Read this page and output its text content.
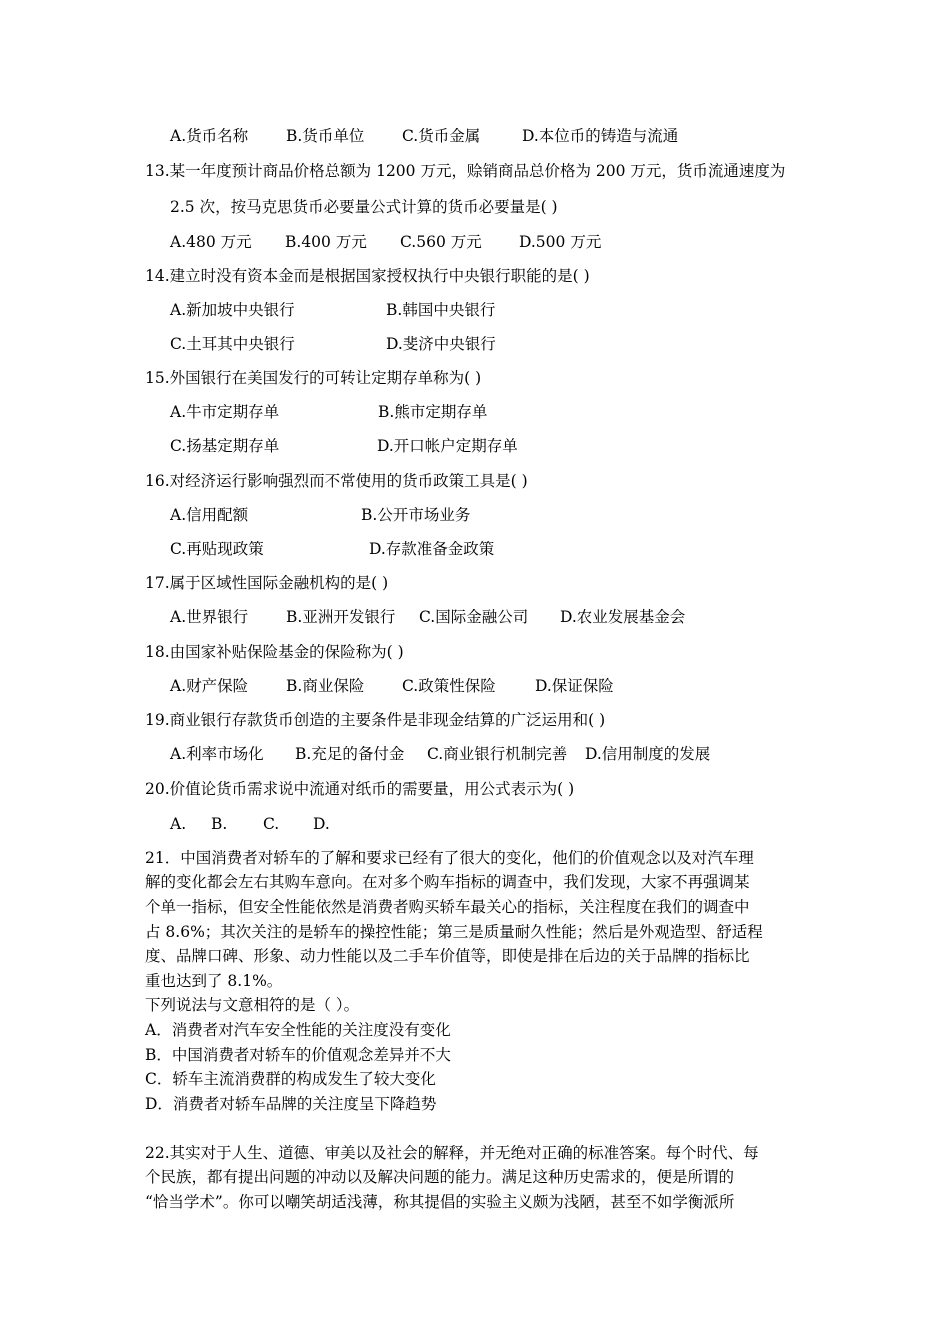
A.货币名称 B.货币单位 C.货币金属	D.本位币的铸造与流通
13.某一年度预计商品价格总额为 1200 万元，赊销商品总价格为 200 万元，货币流通速度为
2.5 次，按马克思货币必要量公式计算的货币必要量是( )
A.480 万元 B.400 万元 C.560 万元 D.500 万元
14.建立时没有资本金而是根据国家授权执行中央银行职能的是( )
A.新加坡中央银行	B.韩国中央银行
C.土耳其中央银行	D.斐济中央银行
15.外国银行在美国发行的可转让定期存单称为( )
A.牛市定期存单	B.熊市定期存单
C.扬基定期存单	D.开口帐户定期存单
16.对经济运行影响强烈而不常使用的货币政策工具是( )
A.信用配额	B.公开市场业务
C.再贴现政策	D.存款准备金政策
17.属于区域性国际金融机构的是( )
A.世界银行 B.亚洲开发银行 C.国际金融公司 D.农业发展基金会
18.由国家补贴保险基金的保险称为( )
A.财产保险 B.商业保险 C.政策性保险	D.保证保险
19.商业银行存款货币创造的主要条件是非现金结算的广泛运用和( )
A.利率市场化 B.充足的备付金 C.商业银行机制完善 D.信用制度的发展
20.价值论货币需求说中流通对纸币的需要量，用公式表示为( )
A. B. C. D.
21．中国消费者对轿车的了解和要求已经有了很大的变化，他们的价值观念以及对汽车理
解的变化都会左右其购车意向。在对多个购车指标的调查中，我们发现，大家不再强调某
个单一指标，但安全性能依然是消费者购买轿车最关心的指标，关注程度在我们的调查中
占 8.6%；其次关注的是轿车的操控性能；第三是质量耐久性能；然后是外观造型、舒适程
度、品牌口碑、形象、动力性能以及二手车价值等，即使是排在后边的关于品牌的指标比
重也达到了 8.1%。
下列说法与文意相符的是（ ）。
A．消费者对汽车安全性能的关注度没有变化
B．中国消费者对轿车的价值观念差异并不大
C．轿车主流消费群的构成发生了较大变化
D．消费者对轿车品牌的关注度呈下降趋势
22.其实对于人生、道德、审美以及社会的解释，并无绝对正确的标准答案。每个时代、每
个民族，都有提出问题的冲动以及解决问题的能力。满足这种历史需求的，便是所谓的
“恰当学术”。你可以嘲笑胡适浅薄，称其提倡的实验主义颇为浅陋，甚至不如学衡派所
